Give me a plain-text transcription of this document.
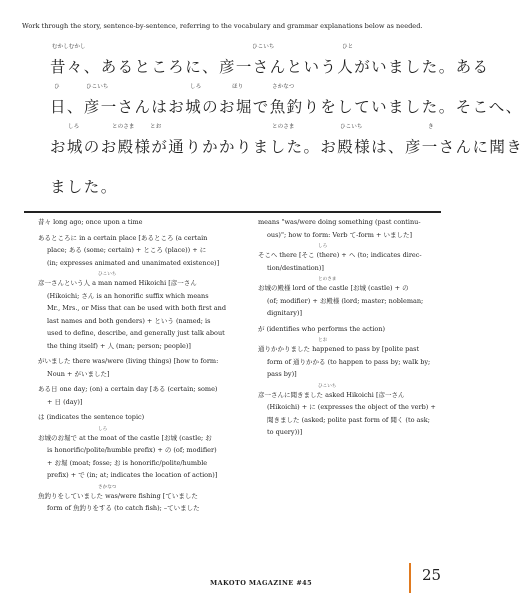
Work through the story, sentence-by-sentence, referring to the vocabulary and grammar explanations below as needed.
むかしむかし	ひこいち	ひと
昔々、あるところに、彦一さんという人がいました。ある
ひ	ひこいち	しろ	ほり	さかなつ
日、彦一さんはお城のお堀で魚釣りをしていました。そこへ、
しろ	とのさま	とお	とのさま	ひこいち	き
お城のお殿様が通りかかりました。お殿様は、彦一さんに聞き
ました。
昔々 long ago; once upon a time
あるところに in a certain place [あるところ (a certain
place; ある (some; certain) + ところ (place)) + に
(in; expresses animated and unanimated existence)]
ひこいち
彦一さんという人 a man named Hikoichi [彦一さん
(Hikoichi; さん is an honorific suffix which means
Mr., Mrs., or Miss that can be used with both first and
last names and both genders) + という (named; is
used to define, describe, and generally just talk about
the thing itself) + 人 (man; person; people)]
がいました there was/were (living things) [how to form:
Noun + がいました]
ある日 one day; (on) a certain day [ある (certain; some)
+ 日 (day)]
は (indicates the sentence topic)
しろ
お城のお堀で at the moat of the castle [お城 (castle; お
is honorific/polite/humble prefix) + の (of; modifier)
+ お堀 (moat; fosse; お is honorific/polite/humble
prefix) + で (in; at; indicates the location of action)]
さかなつ
魚釣りをしていました was/were fishing [ていました
form of 魚釣りをする (to catch fish); –ていました
means "was/were doing something (past continu-
ous)"; how to form: Verb て-form + いました]
しろ
そこへ there [そこ (there) + へ (to; indicates direc-
tion/destination)]
とのさま
お城の殿様 lord of the castle [お城 (castle) + の
(of; modifier) + お殿様 (lord; master; nobleman;
dignitary)]
が (identifies who performs the action)
とお
通りかかりました happened to pass by [polite past
form of 通りかかる (to happen to pass by; walk by;
pass by)]
ひこいち
彦一さんに聞きました asked Hikoichi [彦一さん
(Hikoichi) + に (expresses the object of the verb) +
聞きました (asked; polite past form of 聞く (to ask;
to query))]
MAKOTO MAGAZINE #45	25
